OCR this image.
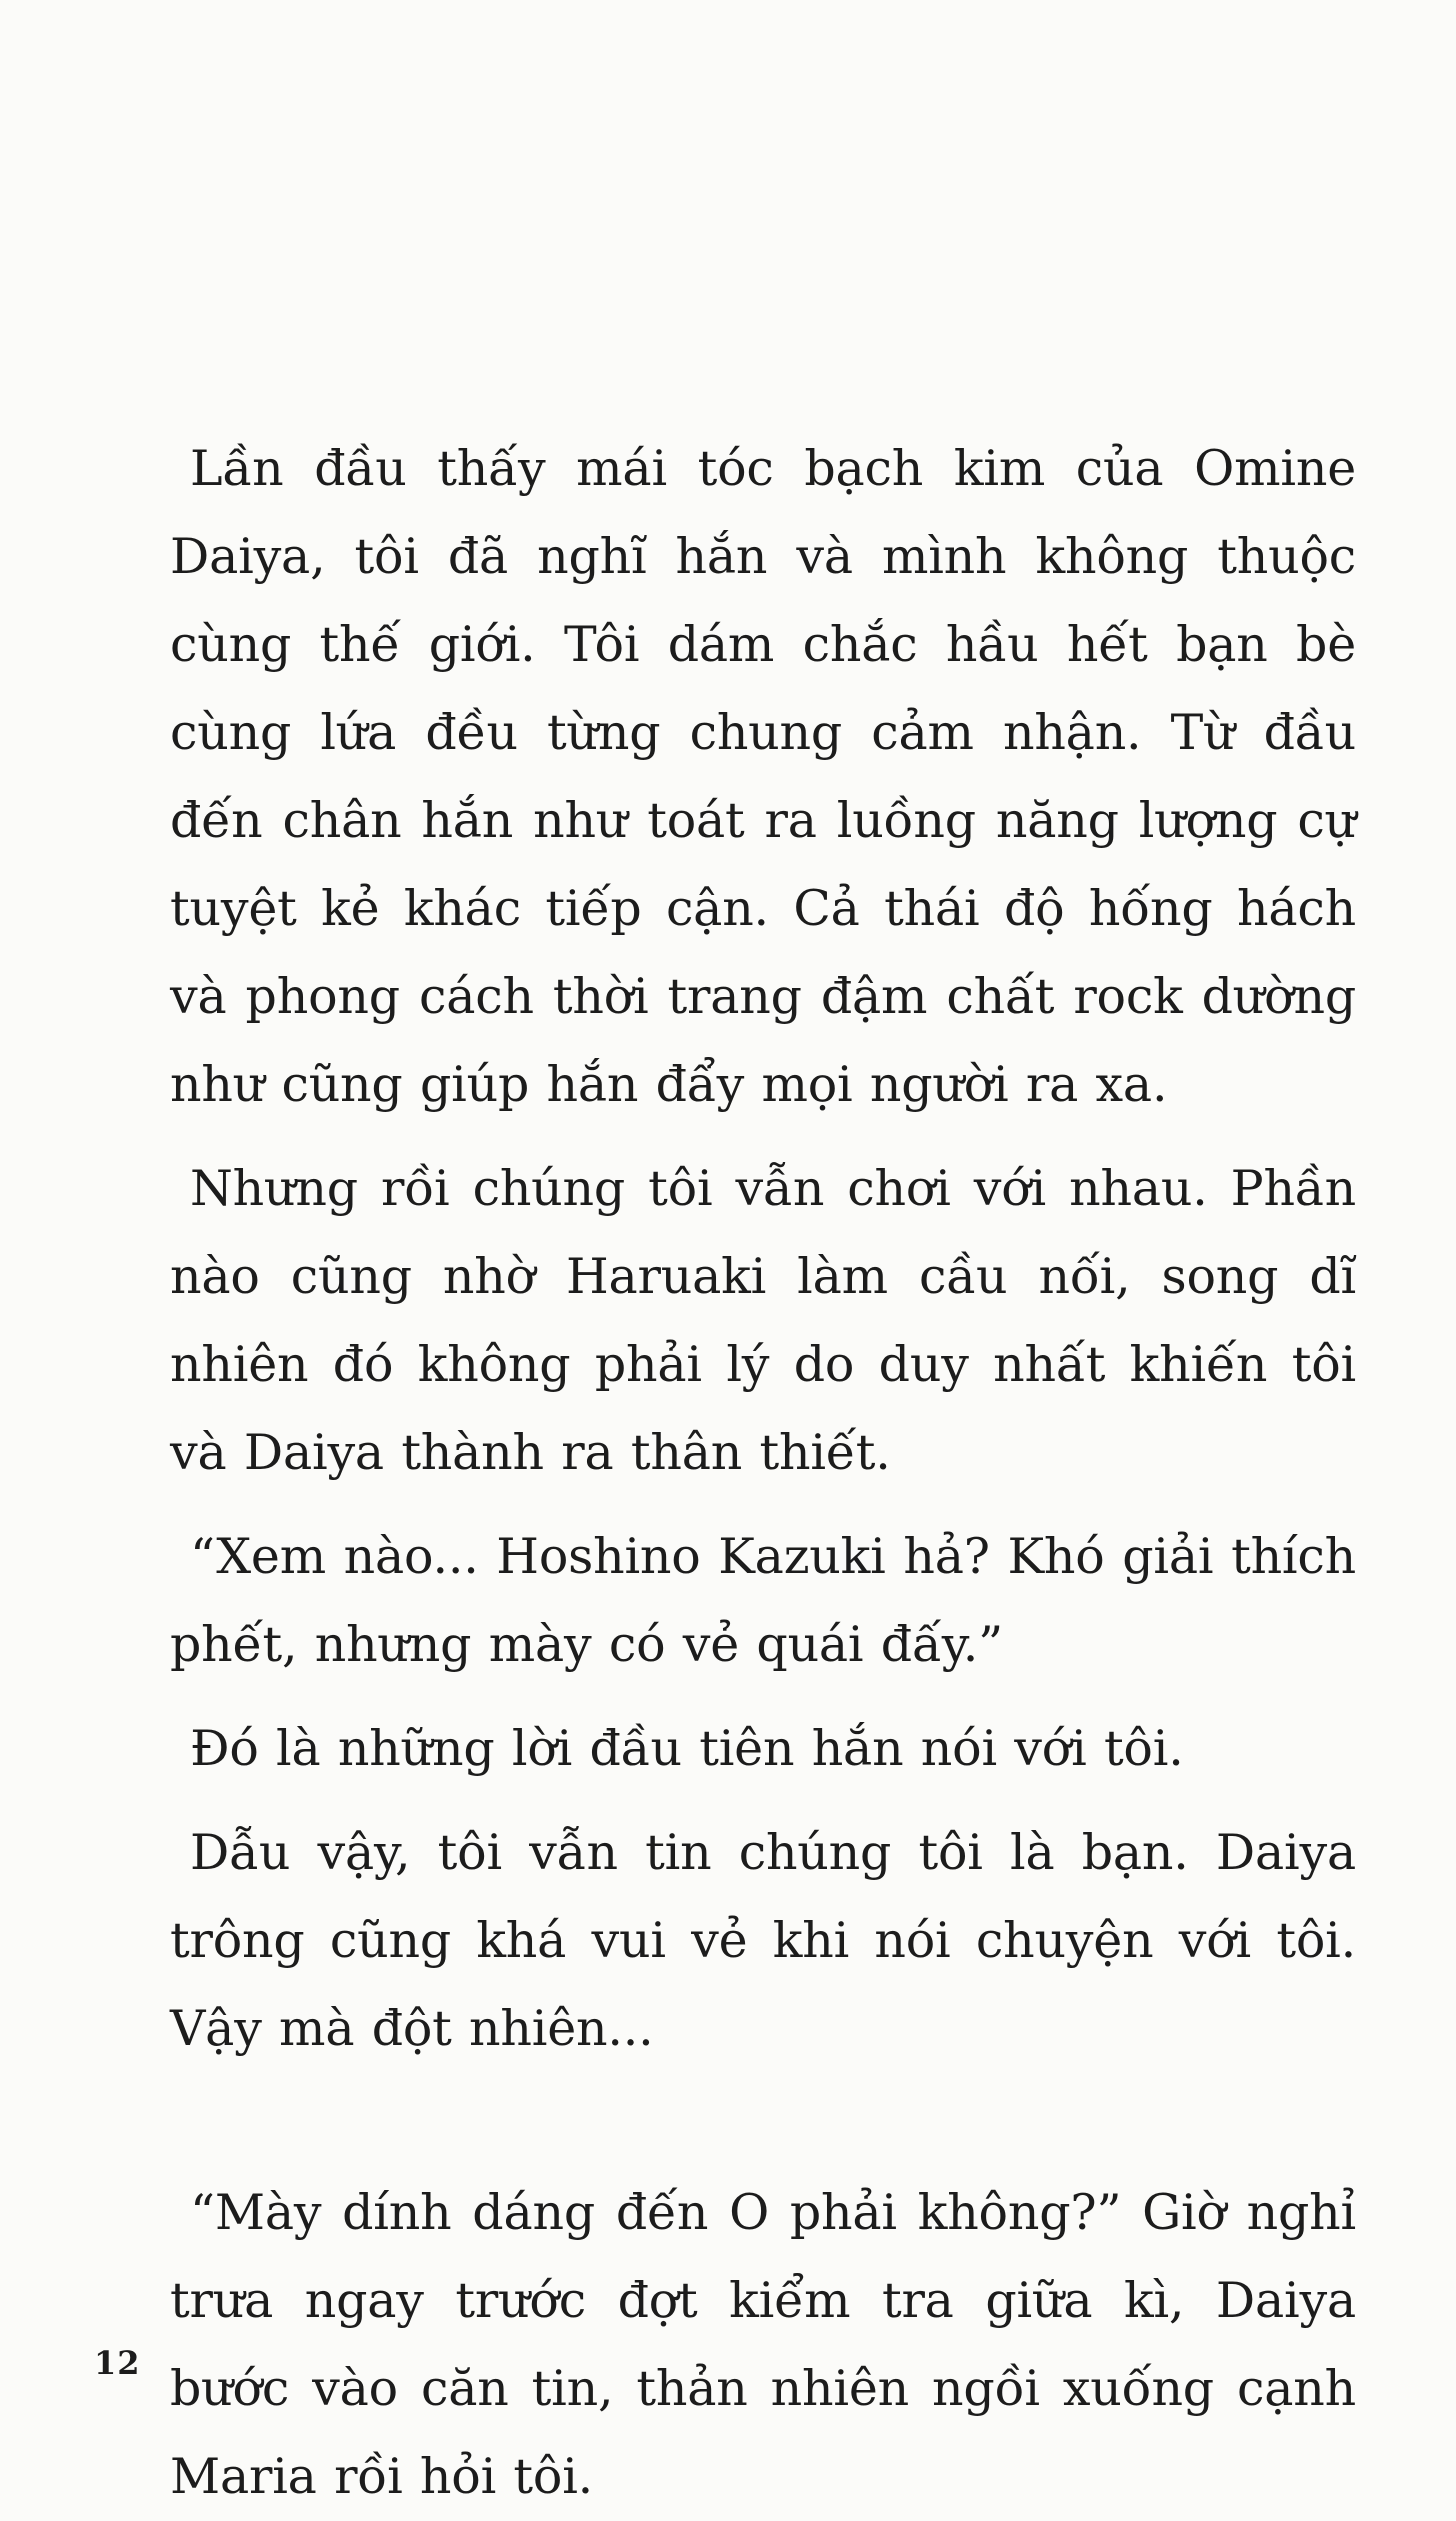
Lần đầu thấy mái tóc bạch kim của Omine Daiya, tôi đã nghĩ hắn và mình không thuộc cùng thế giới. Tôi dám chắc hầu hết bạn bè cùng lứa đều từng chung cảm nhận. Từ đầu đến chân hắn như toát ra luồng năng lượng cự tuyệt kẻ khác tiếp cận. Cả thái độ hống hách và phong cách thời trang đậm chất rock dường như cũng giúp hắn đẩy mọi người ra xa.

Nhưng rồi chúng tôi vẫn chơi với nhau. Phần nào cũng nhờ Haruaki làm cầu nối, song dĩ nhiên đó không phải lý do duy nhất khiến tôi và Daiya thành ra thân thiết.

“Xem nào... Hoshino Kazuki hả? Khó giải thích phết, nhưng mày có vẻ quái đấy.”

Đó là những lời đầu tiên hắn nói với tôi.

Dẫu vậy, tôi vẫn tin chúng tôi là bạn. Daiya trông cũng khá vui vẻ khi nói chuyện với tôi. Vậy mà đột nhiên...

“Mày dính dáng đến O phải không?” Giờ nghỉ trưa ngay trước đợt kiểm tra giữa kì, Daiya bước vào căn tin, thản nhiên ngồi xuống cạnh Maria rồi hỏi tôi.

12
